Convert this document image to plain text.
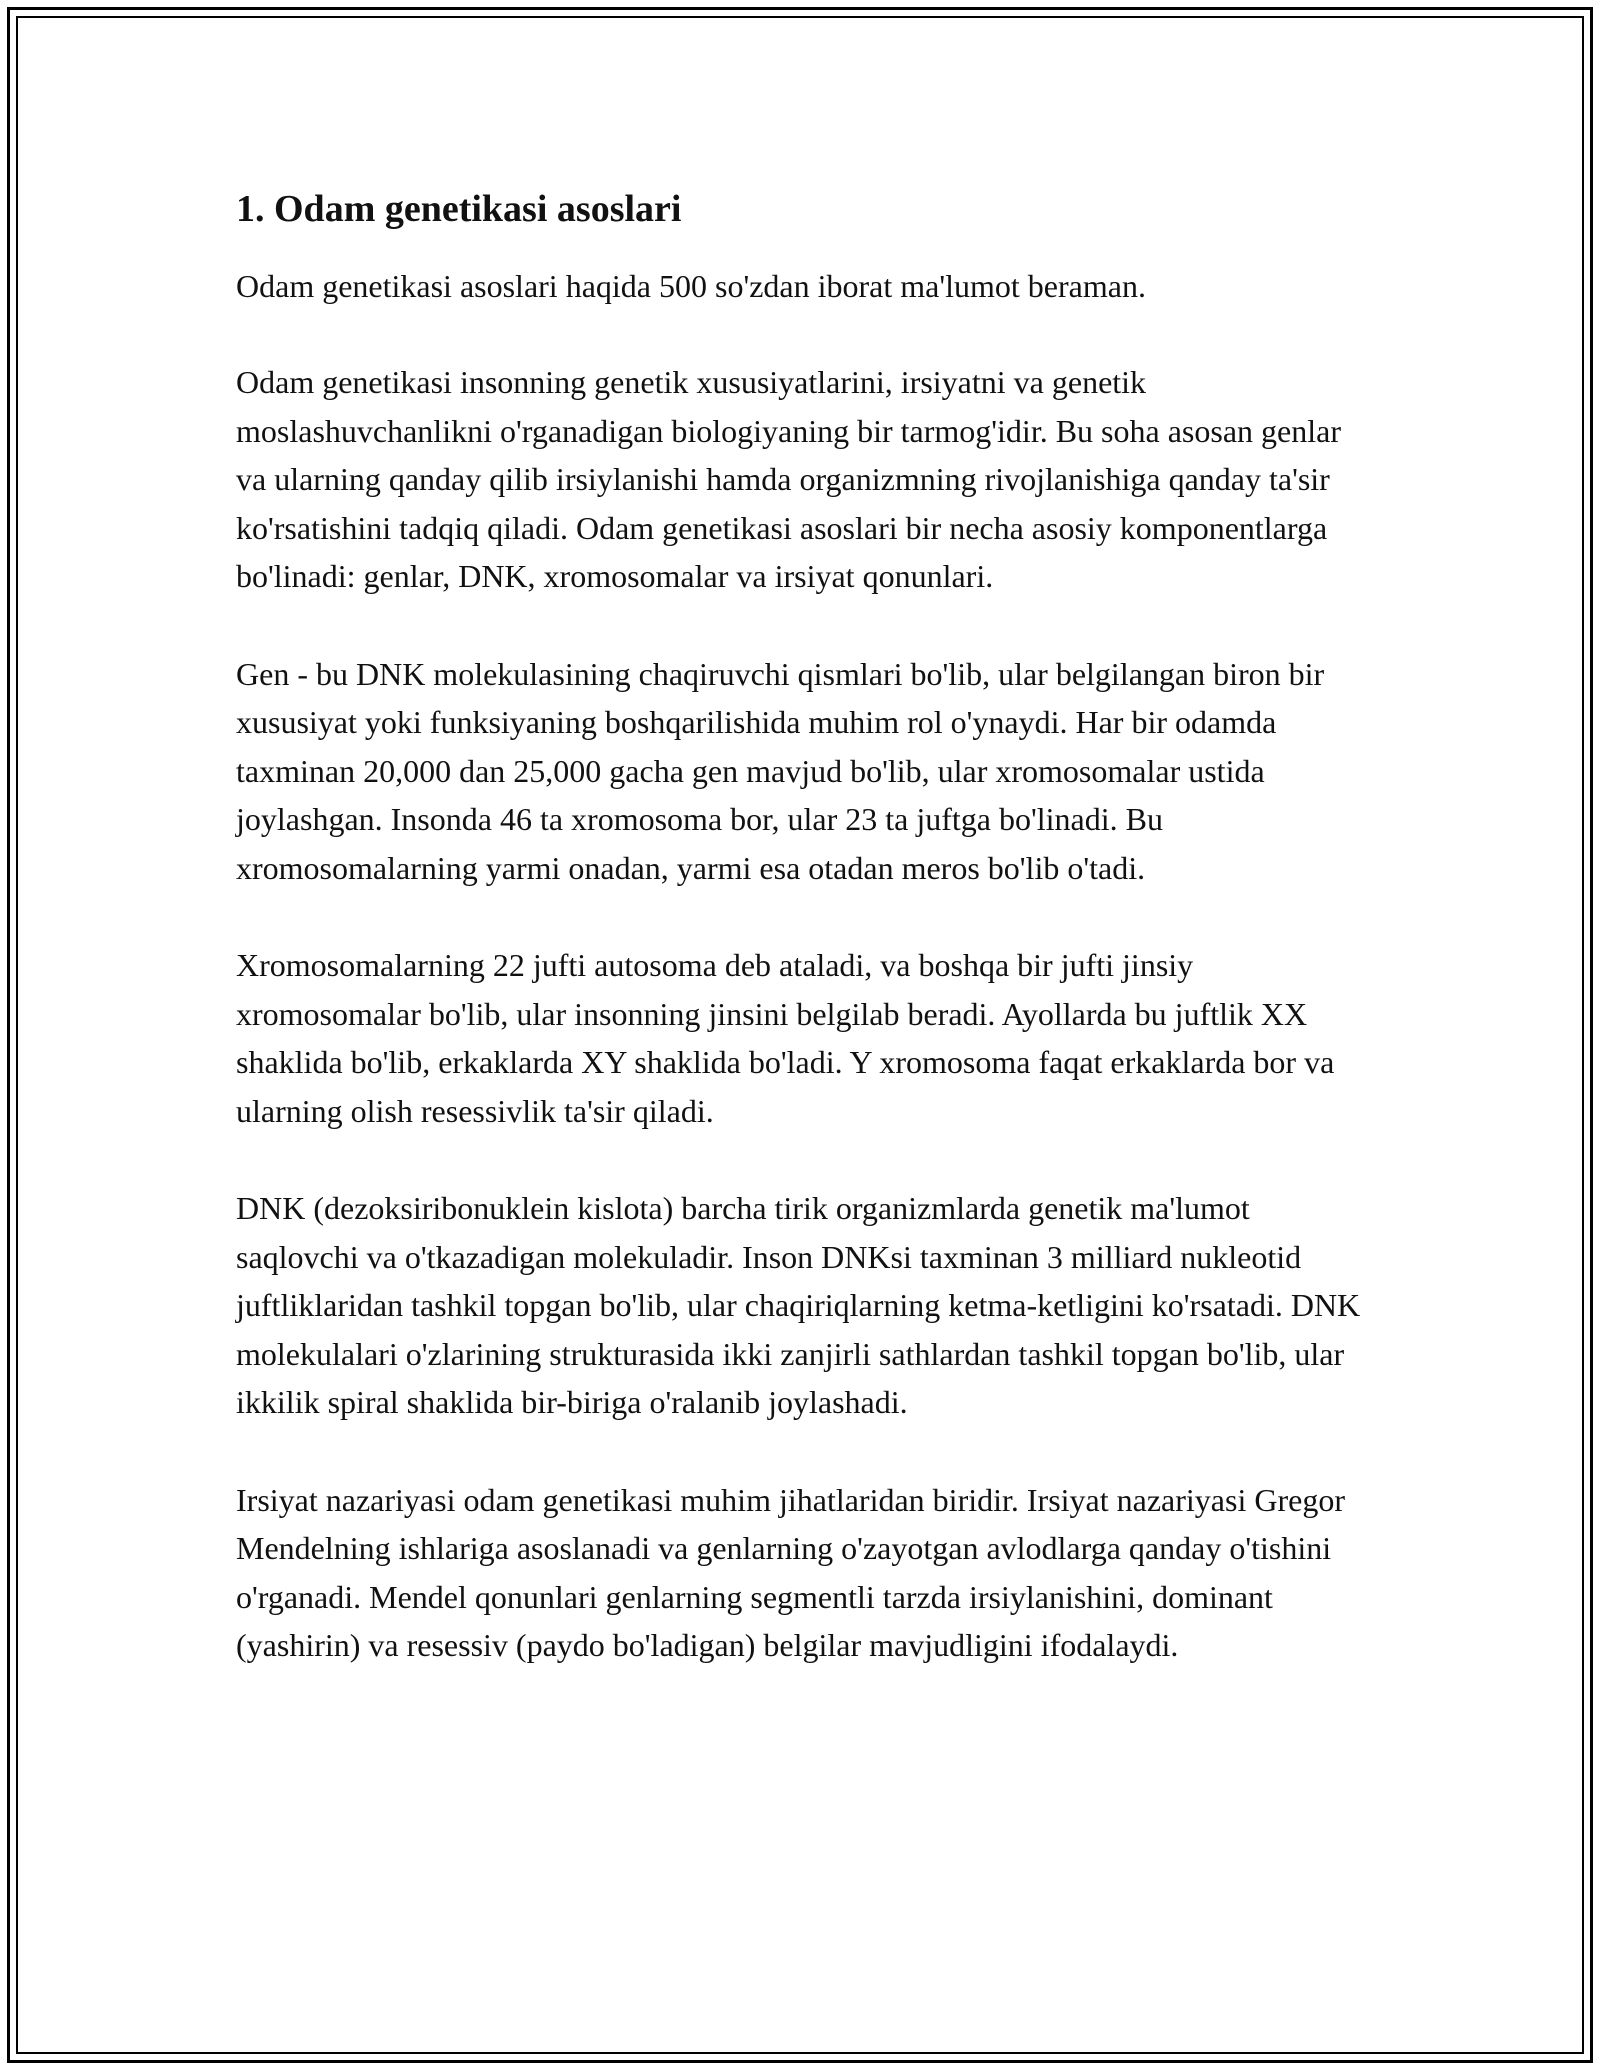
1. Odam genetikasi asoslari

Odam genetikasi asoslari haqida 500 so'zdan iborat ma'lumot beraman.

Odam genetikasi insonning genetik xususiyatlarini, irsiyatni va genetik moslashuvchanlikni o'rganadigan biologiyaning bir tarmog'idir. Bu soha asosan genlar va ularning qanday qilib irsiylanishi hamda organizmning rivojlanishiga qanday ta'sir ko'rsatishini tadqiq qiladi. Odam genetikasi asoslari bir necha asosiy komponentlarga bo'linadi: genlar, DNK, xromosomalar va irsiyat qonunlari.

Gen - bu DNK molekulasining chaqiruvchi qismlari bo'lib, ular belgilangan biron bir xususiyat yoki funksiyaning boshqarilishida muhim rol o'ynaydi. Har bir odamda taxminan 20,000 dan 25,000 gacha gen mavjud bo'lib, ular xromosomalar ustida joylashgan. Insonda 46 ta xromosoma bor, ular 23 ta juftga bo'linadi. Bu xromosomalarning yarmi onadan, yarmi esa otadan meros bo'lib o'tadi.

Xromosomalarning 22 jufti autosoma deb ataladi, va boshqa bir jufti jinsiy xromosomalar bo'lib, ular insonning jinsini belgilab beradi. Ayollarda bu juftlik XX shaklida bo'lib, erkaklarda XY shaklida bo'ladi. Y xromosoma faqat erkaklarda bor va ularning olish resessivlik ta'sir qiladi.

DNK (dezoksiribonuklein kislota) barcha tirik organizmlarda genetik ma'lumot saqlovchi va o'tkazadigan molekuladir. Inson DNKsi taxminan 3 milliard nukleotid juftliklaridan tashkil topgan bo'lib, ular chaqiriqlarning ketma-ketligini ko'rsatadi. DNK molekulalari o'zlarining strukturasida ikki zanjirli sathlardan tashkil topgan bo'lib, ular ikkilik spiral shaklida bir-biriga o'ralanib joylashadi.

Irsiyat nazariyasi odam genetikasi muhim jihatlaridan biridir. Irsiyat nazariyasi Gregor Mendelning ishlariga asoslanadi va genlarning o'zayotgan avlodlarga qanday o'tishini o'rganadi. Mendel qonunlari genlarning segmentli tarzda irsiylanishini, dominant (yashirin) va resessiv (paydo bo'ladigan) belgilar mavjudligini ifodalaydi.
